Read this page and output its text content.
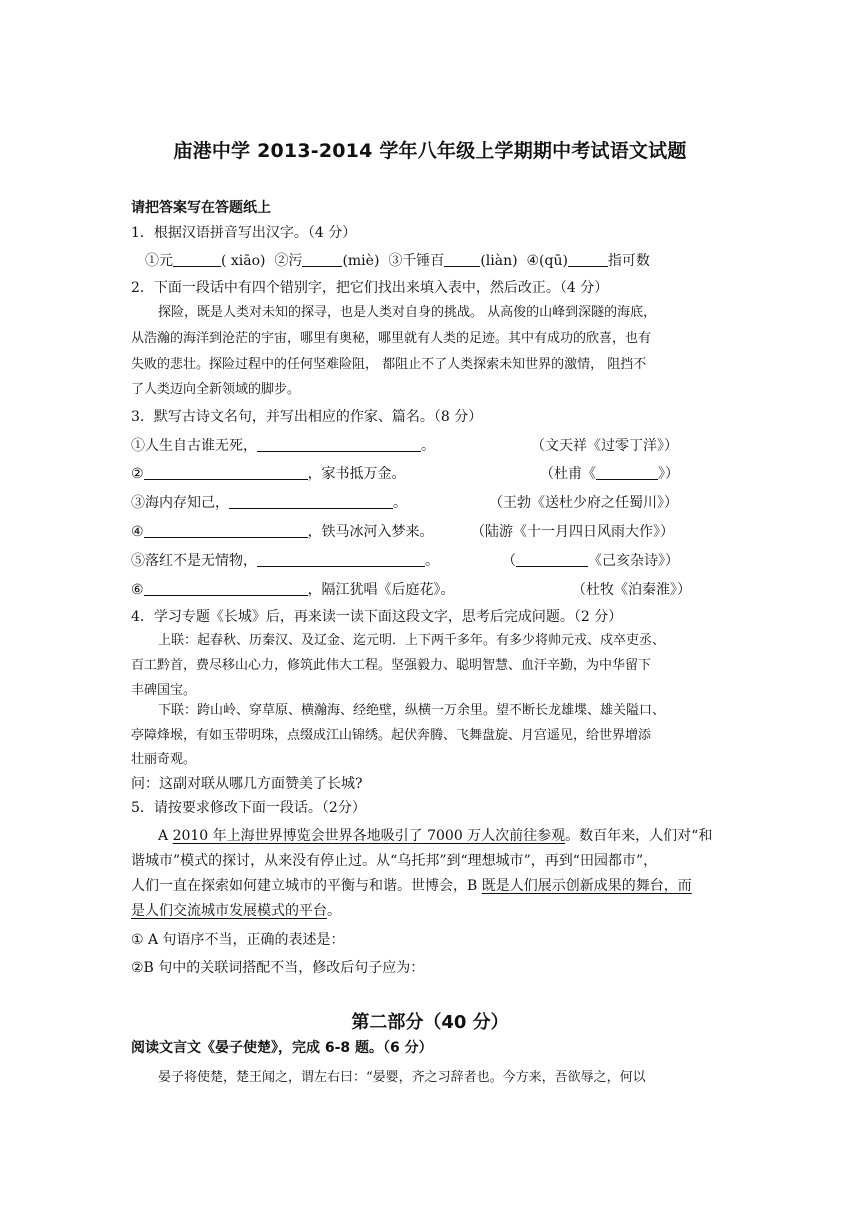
庙港中学 2013-2014 学年八年级上学期期中考试语文试题
请把答案写在答题纸上
1．根据汉语拼音写出汉字。（4 分）
①元	( xiāo) ②污	(miè) ③千锤百	(liàn) ④(qū)	指可数
2．下面一段话中有四个错别字，把它们找出来填入表中，然后改正。（4 分）
探险，既是人类对未知的探寻，也是人类对自身的挑战。 从高俊的山峰到深隧的海底，
从浩瀚的海洋到沧茫的宇宙，哪里有奥秘，哪里就有人类的足迹。其中有成功的欣喜，也有
失败的悲壮。探险过程中的任何坚难险阻， 都阻止不了人类探索未知世界的激情， 阻挡不
了人类迈向全新领域的脚步。
3．默写古诗文名句，并写出相应的作家、篇名。（8 分）
①人生自古谁无死，	。	（文天祥《过零丁洋》）
②	，家书抵万金。	（杜甫《	》）
③海内存知己，	。	（王勃《送杜少府之任蜀川》）
④	，铁马冰河入梦来。	（陆游《十一月四日风雨大作》）
⑤落红不是无情物，	。	（	《己亥杂诗》）
⑥	，隔江犹唱《后庭花》。	（杜牧《泊秦淮》）
4．学习专题《长城》后，再来读一读下面这段文字，思考后完成问题。（2 分）
上联：起春秋、历秦汉、及辽金、迄元明．上下两千多年。有多少将帅元戎、戍卒吏丞、
百工黔首，费尽移山心力，修筑此伟大工程。坚强毅力、聪明智慧、血汗辛勤，为中华留下
丰碑国宝。
下联：跨山岭、穿草原、横瀚海、经绝壁，纵横一万余里。望不断长龙雄堞、雄关隘口、
亭障烽堠，有如玉带明珠，点缀成江山锦绣。起伏奔腾、飞舞盘旋、月宫遥见，给世界增添
壮丽奇观。
问：这副对联从哪几方面赞美了长城?
5．请按要求修改下面一段话。（2分）
A 2010 年上海世界博览会世界各地吸引了 7000 万人次前往参观。数百年来，人们对“和
谐城市”模式的探讨，从来没有停止过。从“乌托邦”到“理想城市”，再到“田园都市”，
人们一直在探索如何建立城市的平衡与和谐。世博会，B 既是人们展示创新成果的舞台，而
是人们交流城市发展模式的平台。
① A 句语序不当，正确的表述是：
②B 句中的关联词搭配不当，修改后句子应为：
第二部分（40 分）
阅读文言文《晏子使楚》，完成 6-8 题。（6 分）
晏子将使楚，楚王闻之，谓左右曰：“晏婴，齐之习辞者也。今方来，吾欲辱之，何以
